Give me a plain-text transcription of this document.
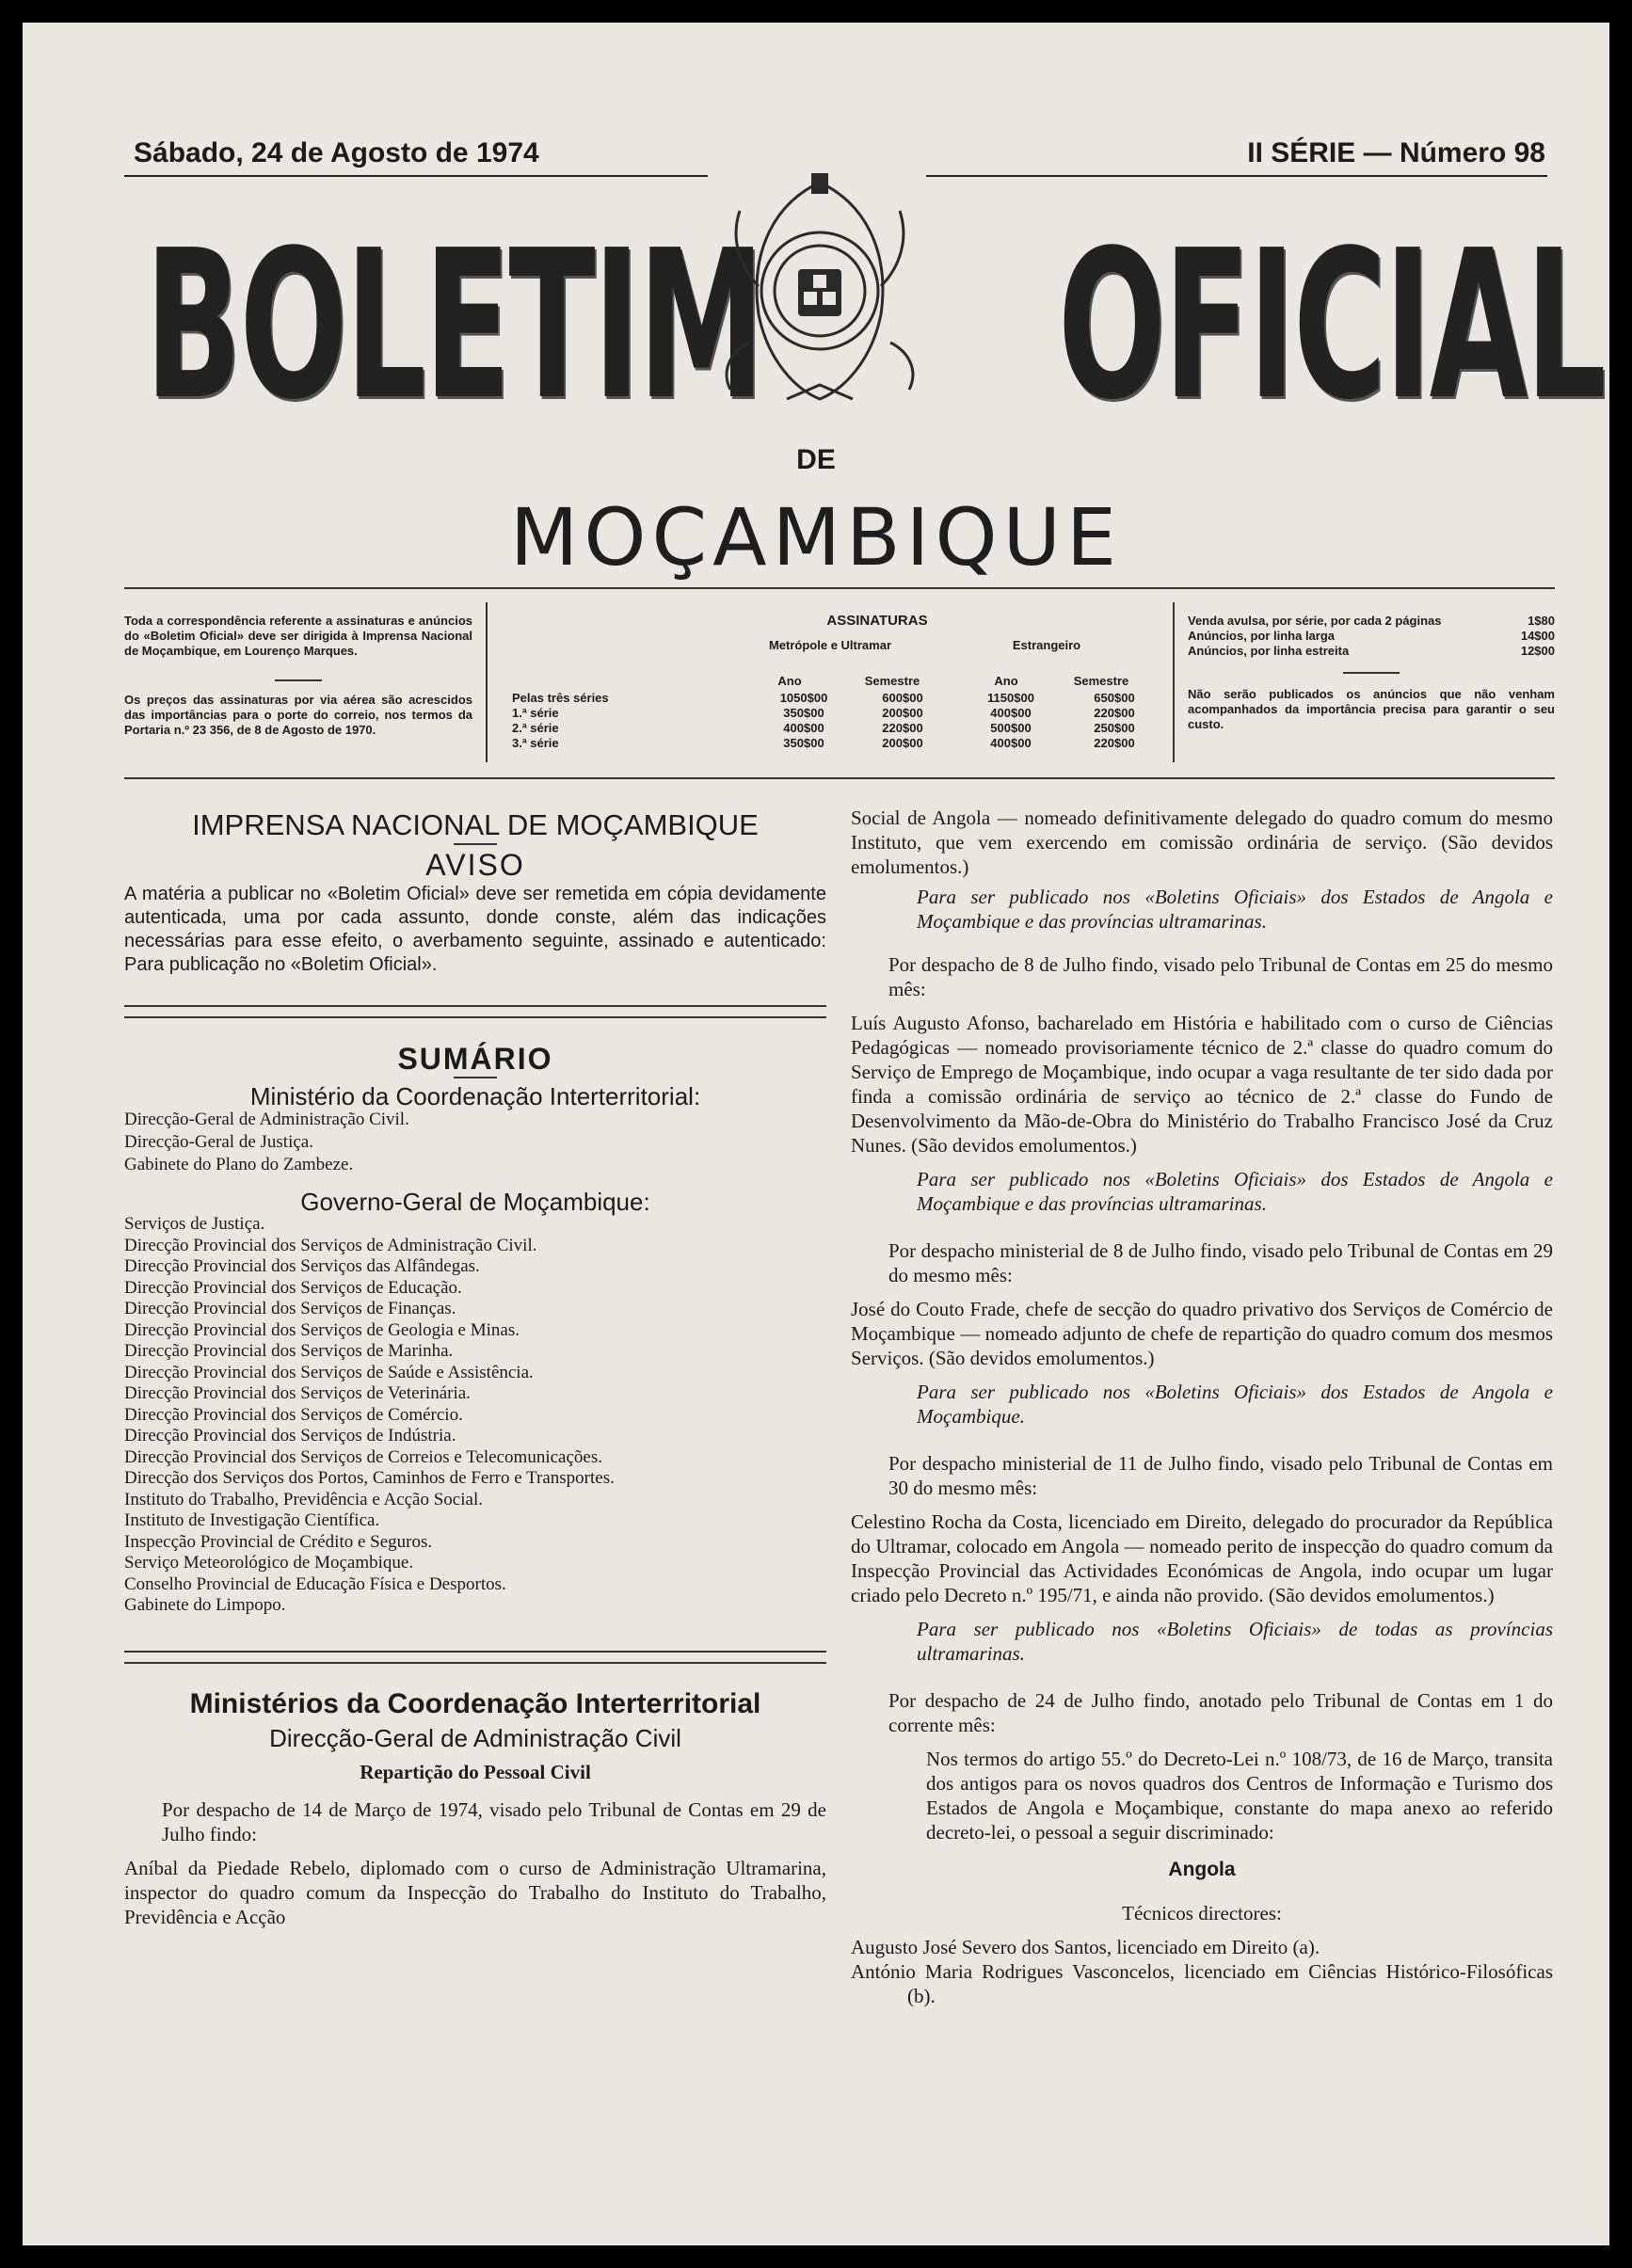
Sábado, 24 de Agosto de 1974	II SÉRIE — Número 98
BOLETIM OFICIAL
DE
MOÇAMBIQUE
Toda a correspondência referente a assinaturas e anúncios do «Boletim Oficial» deve ser dirigida à Imprensa Nacional de Moçambique, em Lourenço Marques.
Os preços das assinaturas por via aérea são acrescidos das importâncias para o porte do correio, nos termos da Portaria n.º 23 356, de 8 de Agosto de 1970.
ASSINATURAS
Metrópole e Ultramar	Estrangeiro
Ano	Semestre	Ano	Semestre
Pelas três séries	1050$00	600$00	1150$00	650$00
1.ª série	350$00	200$00	400$00	220$00
2.ª série	400$00	220$00	500$00	250$00
3.ª série	350$00	200$00	400$00	220$00
Venda avulsa, por série, por cada 2 páginas	1$80
Anúncios, por linha larga	14$00
Anúncios, por linha estreita	12$00
Não serão publicados os anúncios que não venham acompanhados da importância precisa para garantir o seu custo.
IMPRENSA NACIONAL DE MOÇAMBIQUE
AVISO

A matéria a publicar no «Boletim Oficial» deve ser remetida em cópia devidamente autenticada, uma por cada assunto, donde conste, além das indicações necessárias para esse efeito, o averbamento seguinte, assinado e autenticado: Para publicação no «Boletim Oficial».

SUMÁRIO
Ministério da Coordenação Interterritorial:
Direcção-Geral de Administração Civil.
Direcção-Geral de Justiça.
Gabinete do Plano do Zambeze.
Governo-Geral de Moçambique:
Serviços de Justiça.
Direcção Provincial dos Serviços de Administração Civil.
Direcção Provincial dos Serviços das Alfândegas.
Direcção Provincial dos Serviços de Educação.
Direcção Provincial dos Serviços de Finanças.
Direcção Provincial dos Serviços de Geologia e Minas.
Direcção Provincial dos Serviços de Marinha.
Direcção Provincial dos Serviços de Saúde e Assistência.
Direcção Provincial dos Serviços de Veterinária.
Direcção Provincial dos Serviços de Comércio.
Direcção Provincial dos Serviços de Indústria.
Direcção Provincial dos Serviços de Correios e Telecomunicações.
Direcção dos Serviços dos Portos, Caminhos de Ferro e Transportes.
Instituto do Trabalho, Previdência e Acção Social.
Instituto de Investigação Científica.
Inspecção Provincial de Crédito e Seguros.
Serviço Meteorológico de Moçambique.
Conselho Provincial de Educação Física e Desportos.
Gabinete do Limpopo.
Ministérios da Coordenação Interterritorial
Direcção-Geral de Administração Civil
Repartição do Pessoal Civil

Por despacho de 14 de Março de 1974, visado pelo Tribunal de Contas em 29 de Julho findo:

Aníbal da Piedade Rebelo, diplomado com o curso de Administração Ultramarina, inspector do quadro comum da Inspecção do Trabalho do Instituto do Trabalho, Previdência e Acção

Social de Angola — nomeado definitivamente delegado do quadro comum do mesmo Instituto, que vem exercendo em comissão ordinária de serviço. (São devidos emolumentos.)

Para ser publicado nos «Boletins Oficiais» dos Estados de Angola e Moçambique e das províncias ultramarinas.

Por despacho de 8 de Julho findo, visado pelo Tribunal de Contas em 25 do mesmo mês:

Luís Augusto Afonso, bacharelado em História e habilitado com o curso de Ciências Pedagógicas — nomeado provisoriamente técnico de 2.ª classe do quadro comum do Serviço de Emprego de Moçambique, indo ocupar a vaga resultante de ter sido dada por finda a comissão ordinária de serviço ao técnico de 2.ª classe do Fundo de Desenvolvimento da Mão-de-Obra do Ministério do Trabalho Francisco José da Cruz Nunes. (São devidos emolumentos.)

Para ser publicado nos «Boletins Oficiais» dos Estados de Angola e Moçambique e das províncias ultramarinas.

Por despacho ministerial de 8 de Julho findo, visado pelo Tribunal de Contas em 29 do mesmo mês:

José do Couto Frade, chefe de secção do quadro privativo dos Serviços de Comércio de Moçambique — nomeado adjunto de chefe de repartição do quadro comum dos mesmos Serviços. (São devidos emolumentos.)

Para ser publicado nos «Boletins Oficiais» dos Estados de Angola e Moçambique.

Por despacho ministerial de 11 de Julho findo, visado pelo Tribunal de Contas em 30 do mesmo mês:

Celestino Rocha da Costa, licenciado em Direito, delegado do procurador da República do Ultramar, colocado em Angola — nomeado perito de inspecção do quadro comum da Inspecção Provincial das Actividades Económicas de Angola, indo ocupar um lugar criado pelo Decreto n.º 195/71, e ainda não provido. (São devidos emolumentos.)

Para ser publicado nos «Boletins Oficiais» de todas as províncias ultramarinas.

Por despacho de 24 de Julho findo, anotado pelo Tribunal de Contas em 1 do corrente mês:

Nos termos do artigo 55.º do Decreto-Lei n.º 108/73, de 16 de Março, transita dos antigos para os novos quadros dos Centros de Informação e Turismo dos Estados de Angola e Moçambique, constante do mapa anexo ao referido decreto-lei, o pessoal a seguir discriminado:

Angola
Técnicos directores:

Augusto José Severo dos Santos, licenciado em Direito (a).

António Maria Rodrigues Vasconcelos, licenciado em Ciências Histórico-Filosóficas (b).
